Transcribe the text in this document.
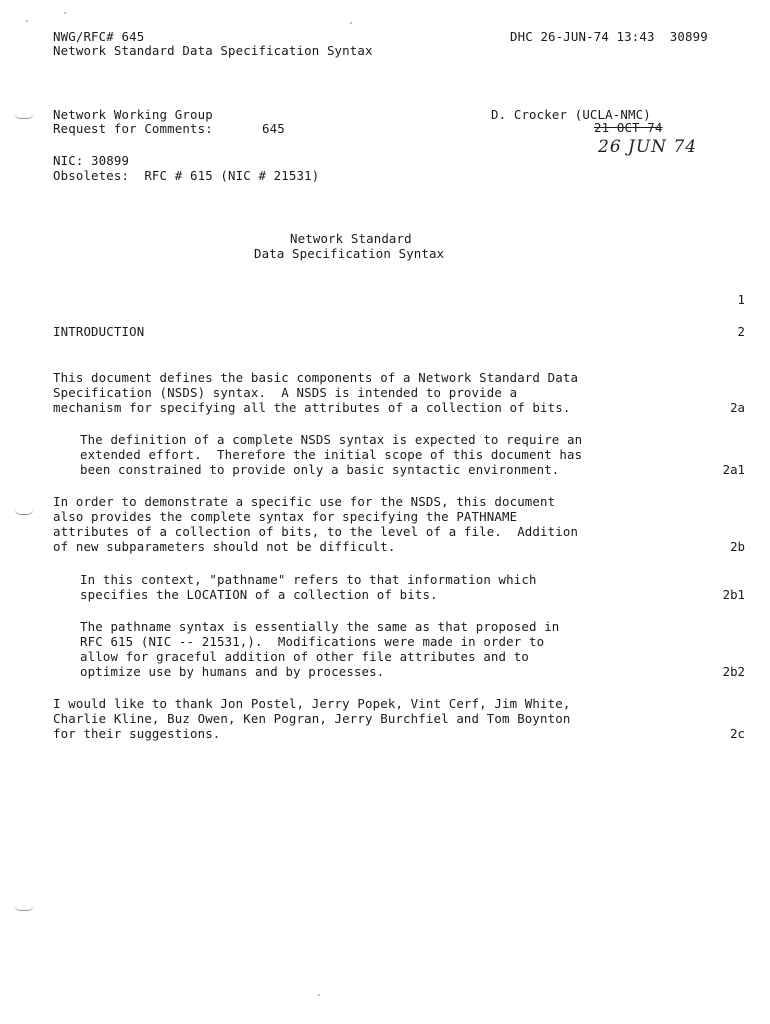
NWG/RFC# 645
Network Standard Data Specification Syntax
DHC 26-JUN-74 13:43  30899
Network Working Group
Request for Comments:	645
D. Crocker (UCLA-NMC)
21 OCT 74
26 JUN 74
NIC: 30899
Obsoletes:  RFC # 615 (NIC # 21531)
Network Standard
Data Specification Syntax
1
INTRODUCTION	2
This document defines the basic components of a Network Standard Data
Specification (NSDS) syntax.  A NSDS is intended to provide a
mechanism for specifying all the attributes of a collection of bits.	2a
The definition of a complete NSDS syntax is expected to require an
extended effort.  Therefore the initial scope of this document has
been constrained to provide only a basic syntactic environment.	2a1
In order to demonstrate a specific use for the NSDS, this document
also provides the complete syntax for specifying the PATHNAME
attributes of a collection of bits, to the level of a file.  Addition
of new subparameters should not be difficult.	2b
In this context, "pathname" refers to that information which
specifies the LOCATION of a collection of bits.	2b1
The pathname syntax is essentially the same as that proposed in
RFC 615 (NIC -- 21531,).  Modifications were made in order to
allow for graceful addition of other file attributes and to
optimize use by humans and by processes.	2b2
I would like to thank Jon Postel, Jerry Popek, Vint Cerf, Jim White,
Charlie Kline, Buz Owen, Ken Pogran, Jerry Burchfiel and Tom Boynton
for their suggestions.	2c
